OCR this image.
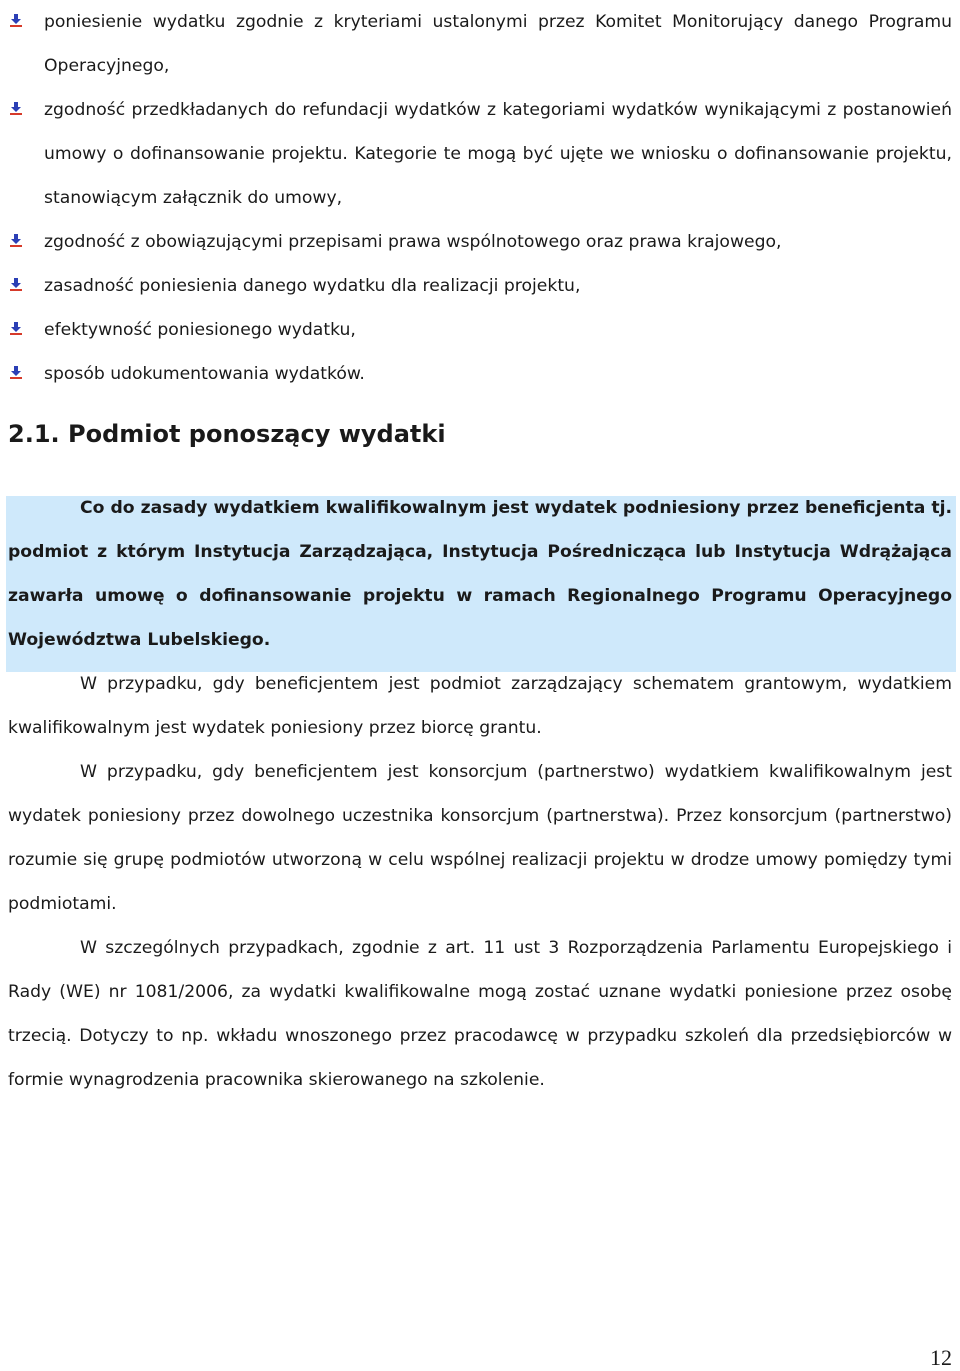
poniesienie wydatku zgodnie z kryteriami ustalonymi przez Komitet Monitorujący danego Programu Operacyjnego,
zgodność przedkładanych do refundacji wydatków z kategoriami wydatków wynikającymi z postanowień umowy o dofinansowanie projektu. Kategorie te mogą być ujęte we wniosku o dofinansowanie projektu, stanowiącym załącznik do umowy,
zgodność z obowiązującymi przepisami prawa wspólnotowego oraz prawa krajowego,
zasadność poniesienia danego wydatku dla realizacji projektu,
efektywność poniesionego wydatku,
sposób udokumentowania wydatków.
2.1. Podmiot ponoszący wydatki

Co do zasady wydatkiem kwalifikowalnym jest wydatek podniesiony przez beneficjenta tj. podmiot z którym Instytucja Zarządzająca, Instytucja Pośrednicząca lub Instytucja Wdrążająca zawarła umowę o dofinansowanie projektu w ramach Regionalnego Programu Operacyjnego Województwa Lubelskiego.

W przypadku, gdy beneficjentem jest podmiot zarządzający schematem grantowym, wydatkiem kwalifikowalnym jest wydatek poniesiony przez biorcę grantu.

W przypadku, gdy beneficjentem jest konsorcjum (partnerstwo) wydatkiem kwalifikowalnym jest wydatek poniesiony przez dowolnego uczestnika konsorcjum (partnerstwa). Przez konsorcjum (partnerstwo) rozumie się grupę podmiotów utworzoną w celu wspólnej realizacji projektu w drodze umowy pomiędzy tymi podmiotami.

W szczególnych przypadkach, zgodnie z art. 11 ust 3 Rozporządzenia Parlamentu Europejskiego i Rady (WE) nr 1081/2006, za wydatki kwalifikowalne mogą zostać uznane wydatki poniesione przez osobę trzecią. Dotyczy to np. wkładu wnoszonego przez pracodawcę w przypadku szkoleń dla przedsiębiorców w formie wynagrodzenia pracownika skierowanego na szkolenie.

12
